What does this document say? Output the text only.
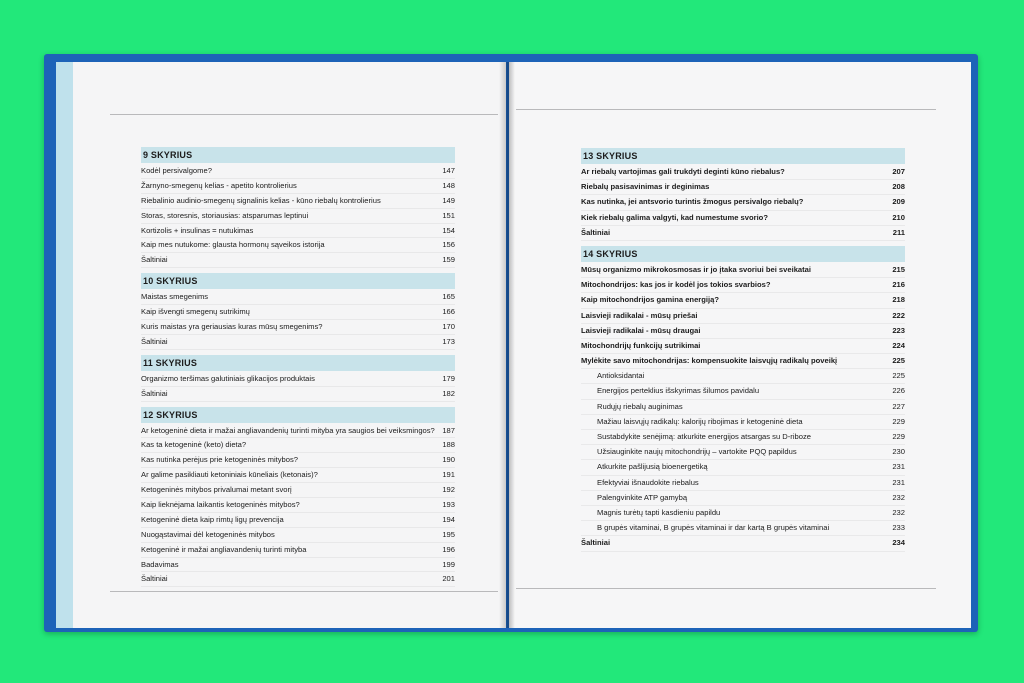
9 SKYRIUS
Kodėl persivalgome?	147
Žarnyno-smegenų kelias - apetito kontrolierius	148
Riebalinio audinio-smegenų signalinis kelias - kūno riebalų kontrolierius	149
Storas, storesnis, storiausias: atsparumas leptinui	151
Kortizolis + insulinas = nutukimas	154
Kaip mes nutukome: glausta hormonų sąveikos istorija	156
Šaltiniai	159
10 SKYRIUS
Maistas smegenims	165
Kaip išvengti smegenų sutrikimų	166
Kuris maistas yra geriausias kuras mūsų smegenims?	170
Šaltiniai	173
11 SKYRIUS
Organizmo teršimas galutiniais glikacijos produktais	179
Šaltiniai	182
12 SKYRIUS
Ar ketogeninė dieta ir mažai angliavandenių turinti mityba yra saugios bei veiksmingos? 187
Kas ta ketogeninė (keto) dieta?	188
Kas nutinka perėjus prie ketogeninės mitybos?	190
Ar galime pasikliauti ketoniniais kūneliais (ketonais)?	191
Ketogeninės mitybos privalumai metant svorį	192
Kaip lieknėjama laikantis ketogeninės mitybos?	193
Ketogeninė dieta kaip rimtų ligų prevencija	194
Nuogąstavimai dėl ketogeninės mitybos	195
Ketogeninė ir mažai angliavandenių turinti mityba	196
Badavimas	199
Šaltiniai	201
13 SKYRIUS
Ar riebalų vartojimas gali trukdyti deginti kūno riebalus?	207
Riebalų pasisavinimas ir deginimas	208
Kas nutinka, jei antsvorio turintis žmogus persivalgo riebalų?	209
Kiek riebalų galima valgyti, kad numestume svorio?	210
Šaltiniai	211
14 SKYRIUS
Mūsų organizmo mikrokosmosas ir jo įtaka svoriui bei sveikatai	215
Mitochondrijos: kas jos ir kodėl jos tokios svarbios?	216
Kaip mitochondrijos gamina energiją?	218
Laisvieji radikalai - mūsų priešai	222
Laisvieji radikalai - mūsų draugai	223
Mitochondrijų funkcijų sutrikimai	224
Mylėkite savo mitochondrijas: kompensuokite laisvųjų radikalų poveikį	225
Antioksidantai	225
Energijos perteklius išskyrimas šilumos pavidalu	226
Rudųjų riebalų auginimas	227
Mažiau laisvųjų radikalų: kalorijų ribojimas ir ketogeninė dieta	229
Sustabdykite senėjimą: atkurkite energijos atsargas su D-riboze	229
Užsiauginkite naujų mitochondrijų – vartokite PQQ papildus	230
Atkurkite pašlijusią bioenergetiką	231
Efektyviai išnaudokite riebalus	231
Palengvinkite ATP gamybą	232
Magnis turėtų tapti kasdieniu papildu	232
B grupės vitaminai, B grupės vitaminai ir dar kartą B grupės vitaminai	233
Šaltiniai	234
